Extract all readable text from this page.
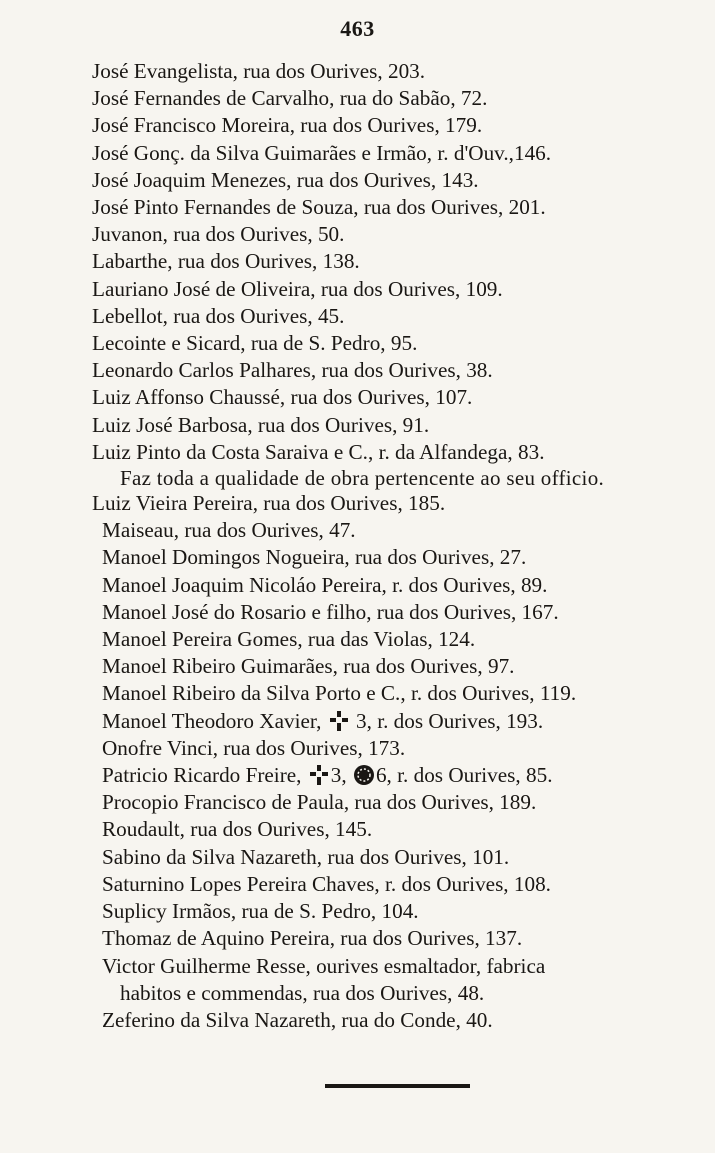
463
José Evangelista, rua dos Ourives, 203.
José Fernandes de Carvalho, rua do Sabão, 72.
José Francisco Moreira, rua dos Ourives, 179.
José Gonç. da Silva Guimarães e Irmão, r. d'Ouv.,146.
José Joaquim Menezes, rua dos Ourives, 143.
José Pinto Fernandes de Souza, rua dos Ourives, 201.
Juvanon, rua dos Ourives, 50.
Labarthe, rua dos Ourives, 138.
Lauriano José de Oliveira, rua dos Ourives, 109.
Lebellot, rua dos Ourives, 45.
Lecointe e Sicard, rua de S. Pedro, 95.
Leonardo Carlos Palhares, rua dos Ourives, 38.
Luiz Affonso Chaussé, rua dos Ourives, 107.
Luiz José Barbosa, rua dos Ourives, 91.
Luiz Pinto da Costa Saraiva e C., r. da Alfandega, 83.
Faz toda a qualidade de obra pertencente ao seu officio.
Luiz Vieira Pereira, rua dos Ourives, 185.
Maiseau, rua dos Ourives, 47.
Manoel Domingos Nogueira, rua dos Ourives, 27.
Manoel Joaquim Nicoláo Pereira, r. dos Ourives, 89.
Manoel José do Rosario e filho, rua dos Ourives, 167.
Manoel Pereira Gomes, rua das Violas, 124.
Manoel Ribeiro Guimarães, rua dos Ourives, 97.
Manoel Ribeiro da Silva Porto e C., r. dos Ourives, 119.
Manoel Theodoro Xavier,  3, r. dos Ourives, 193.
Onofre Vinci, rua dos Ourives, 173.
Patricio Ricardo Freire, 3, 6, r. dos Ourives, 85.
Procopio Francisco de Paula, rua dos Ourives, 189.
Roudault, rua dos Ourives, 145.
Sabino da Silva Nazareth, rua dos Ourives, 101.
Saturnino Lopes Pereira Chaves, r. dos Ourives, 108.
Suplicy Irmãos, rua de S. Pedro, 104.
Thomaz de Aquino Pereira, rua dos Ourives, 137.
Victor Guilherme Resse, ourives esmaltador, fabrica
habitos e commendas, rua dos Ourives, 48.
Zeferino da Silva Nazareth, rua do Conde, 40.
